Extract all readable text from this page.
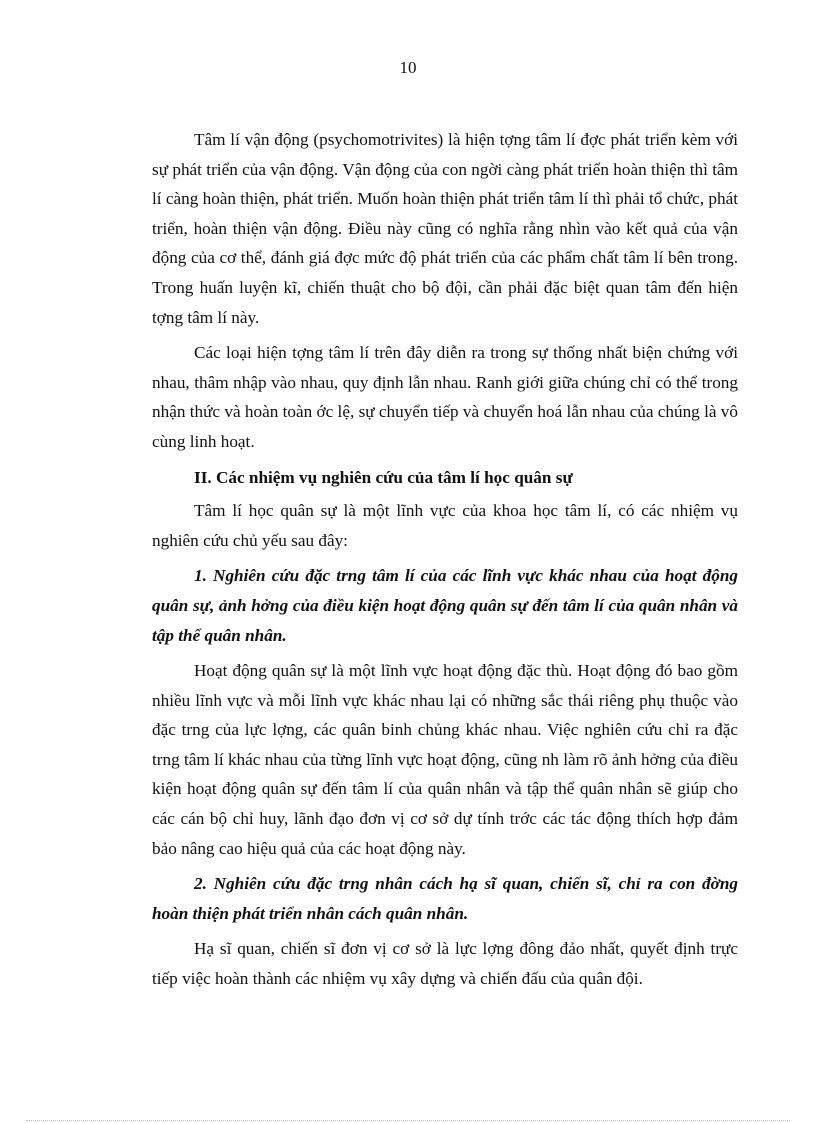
10

Tâm lí vận động (psychomotrivites) là hiện tợng tâm lí đợc phát triển kèm với sự phát triển của vận động. Vận động của con ngời càng phát triển hoàn thiện thì tâm lí càng hoàn thiện, phát triển. Muốn hoàn thiện phát triển tâm lí thì phải tổ chức, phát triển, hoàn thiện vận động. Điều này cũng có nghĩa rằng nhìn vào kết quả của vận động của cơ thể, đánh giá đợc mức độ phát triển của các phẩm chất tâm lí bên trong. Trong huấn luyện kĩ, chiến thuật cho bộ đội, cần phải đặc biệt quan tâm đến hiện tợng tâm lí này.

Các loại hiện tợng tâm lí trên đây diễn ra trong sự thống nhất biện chứng với nhau, thâm nhập vào nhau, quy định lẫn nhau. Ranh giới giữa chúng chỉ có thể trong nhận thức và hoàn toàn ớc lệ, sự chuyển tiếp và chuyển hoá lẫn nhau của chúng là vô cùng linh hoạt.

II. Các nhiệm vụ nghiên cứu của tâm lí học quân sự

Tâm lí học quân sự là một lĩnh vực của khoa học tâm lí, có các nhiệm vụ nghiên cứu chủ yếu sau đây:

1. Nghiên cứu đặc trng tâm lí của các lĩnh vực khác nhau của hoạt động quân sự, ảnh hởng của điều kiện hoạt động quân sự đến tâm lí của quân nhân và tập thể quân nhân.

Hoạt động quân sự là một lĩnh vực hoạt động đặc thù. Hoạt động đó bao gồm nhiều lĩnh vực và mỗi lĩnh vực khác nhau lại có những sắc thái riêng phụ thuộc vào đặc trng của lực lợng, các quân binh chủng khác nhau. Việc nghiên cứu chỉ ra đặc trng tâm lí khác nhau của từng lĩnh vực hoạt động, cũng nh làm rõ ảnh hởng của điều kiện hoạt động quân sự đến tâm lí của quân nhân và tập thể quân nhân sẽ giúp cho các cán bộ chỉ huy, lãnh đạo đơn vị cơ sở dự tính trớc các tác động thích hợp đảm bảo nâng cao hiệu quả của các hoạt động này.

2. Nghiên cứu đặc trng nhân cách hạ sĩ quan, chiến sĩ, chỉ ra con đờng hoàn thiện phát triển nhân cách quân nhân.

Hạ sĩ quan, chiến sĩ đơn vị cơ sở là lực lợng đông đảo nhất, quyết định trực tiếp việc hoàn thành các nhiệm vụ xây dựng và chiến đấu của quân đội.
